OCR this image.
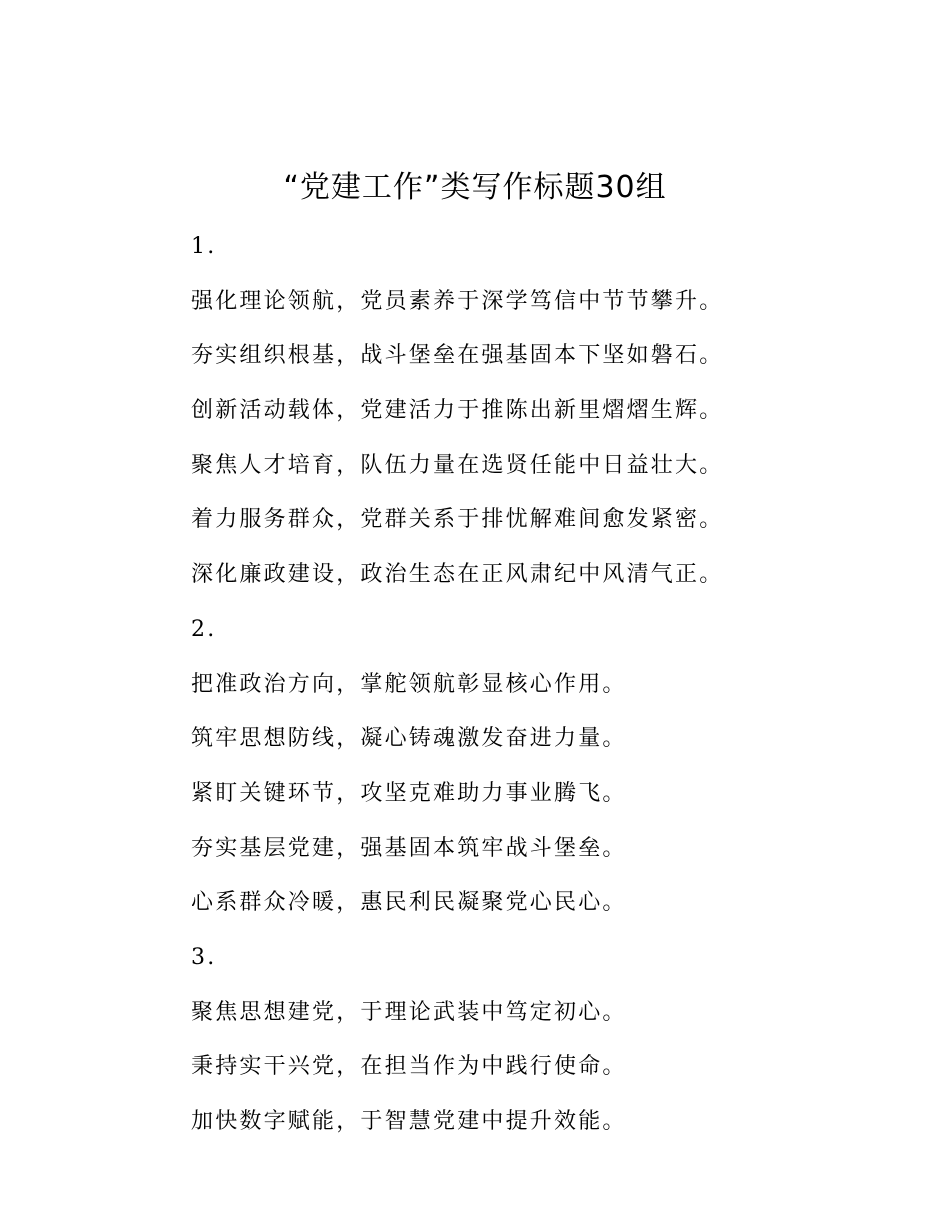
“党建工作”类写作标题30组
1.
强化理论领航，党员素养于深学笃信中节节攀升。
夯实组织根基，战斗堡垒在强基固本下坚如磐石。
创新活动载体，党建活力于推陈出新里熠熠生辉。
聚焦人才培育，队伍力量在选贤任能中日益壮大。
着力服务群众，党群关系于排忧解难间愈发紧密。
深化廉政建设，政治生态在正风肃纪中风清气正。
2.
把准政治方向，掌舵领航彰显核心作用。
筑牢思想防线，凝心铸魂激发奋进力量。
紧盯关键环节，攻坚克难助力事业腾飞。
夯实基层党建，强基固本筑牢战斗堡垒。
心系群众冷暖，惠民利民凝聚党心民心。
3.
聚焦思想建党，于理论武装中笃定初心。
秉持实干兴党，在担当作为中践行使命。
加快数字赋能，于智慧党建中提升效能。
